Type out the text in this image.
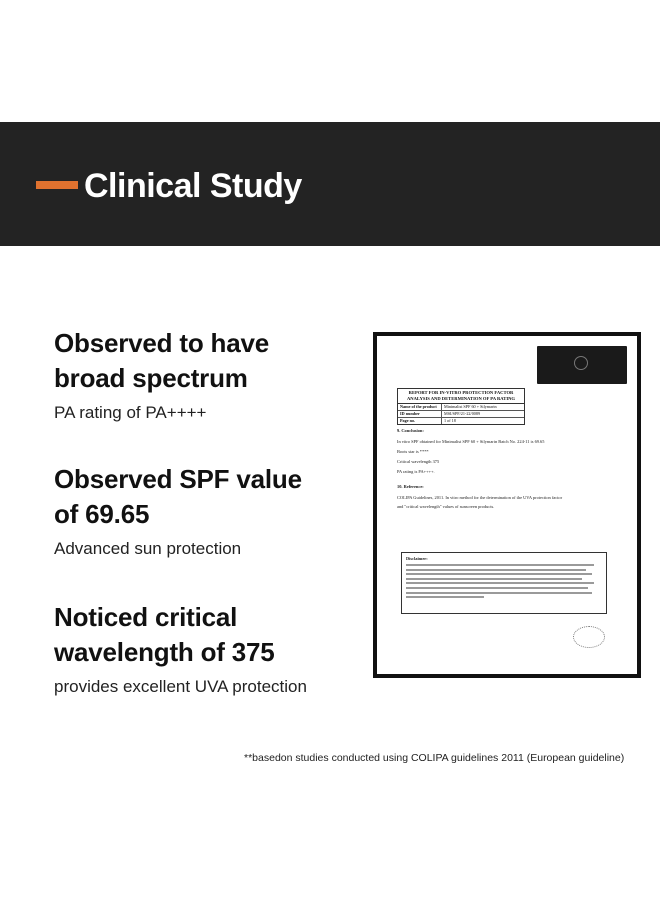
Clinical Study
Observed to have
broad spectrum

PA rating of PA++++

Observed SPF value
of 69.65

Advanced sun protection

Noticed critical
wavelength of 375

provides excellent UVA protection

REPORT FOR IN-VITRO PROTECTION FACTOR
ANALYSIS AND DETERMINATION OF PA RATING
Name of the product	Minimalist SPF 60 + Silymarin
ID number	MSI/SPF/21-22/0089
Page no.	1 of 18
9. Conclusion:
In vitro SPF obtained for Minimalist SPF 60 + Silymarin Batch No. 224-11 is 69.65
Boots star is ****
Critical wavelength 375
PA rating is PA++++.
10. Reference:
COLIPA Guidelines, 2011. In vitro method for the determination of the UVA protection factor
and "critical wavelength" values of sunscreen products.
Disclaimer:
**basedon studies conducted using COLIPA guidelines 2011 (European guideline)
